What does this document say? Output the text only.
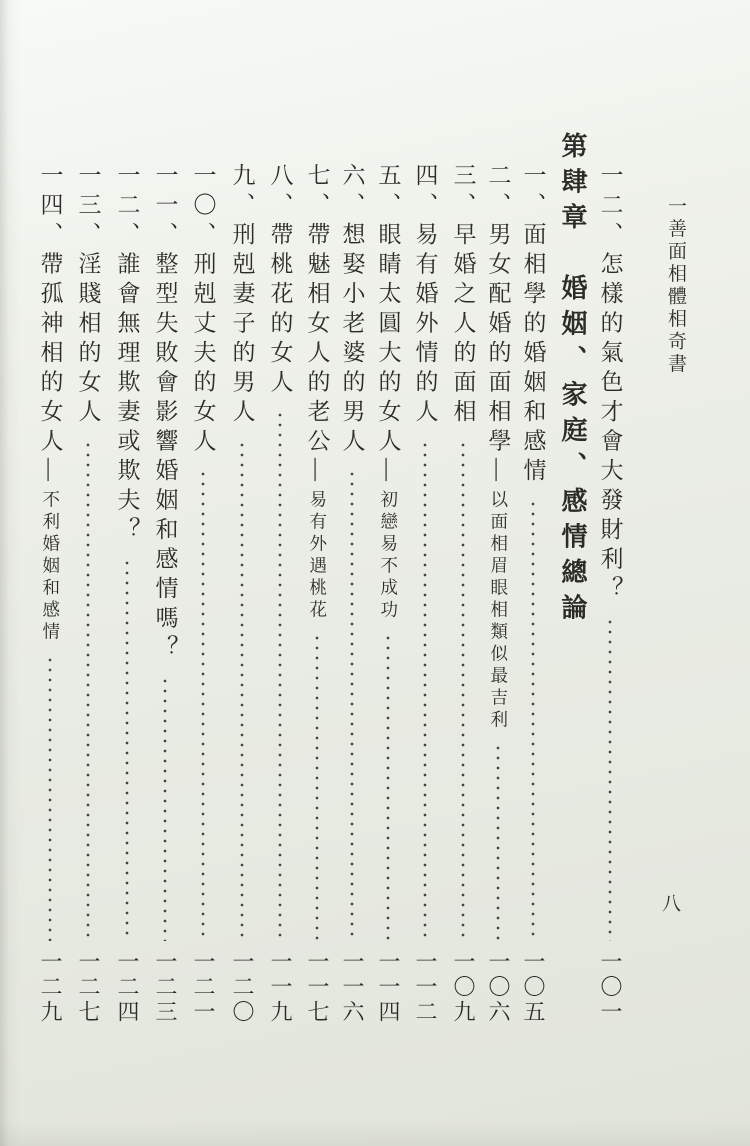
一善面相體相奇書
八
一二、怎樣的氣色才會大發財利？
一〇一
第肆章　婚姻、家庭、感情總論
一、面相學的婚姻和感情
一〇五
二、男女配婚的面相學—
以面相眉眼相類似最吉利
一〇六
三、早婚之人的面相
一〇九
四、易有婚外情的人
一一二
五、眼睛太圓大的女人—
初戀易不成功
一一四
六、想娶小老婆的男人
一一六
七、帶魅相女人的老公—
易有外遇桃花
一一七
八、帶桃花的女人
一一九
九、刑剋妻子的男人
一二〇
一〇、刑剋丈夫的女人
一二一
一一、整型失敗會影響婚姻和感情嗎？
一二三
一二、誰會無理欺妻或欺夫？
一二四
一三、淫賤相的女人
一二七
一四、帶孤神相的女人—
不利婚姻和感情
一二九
